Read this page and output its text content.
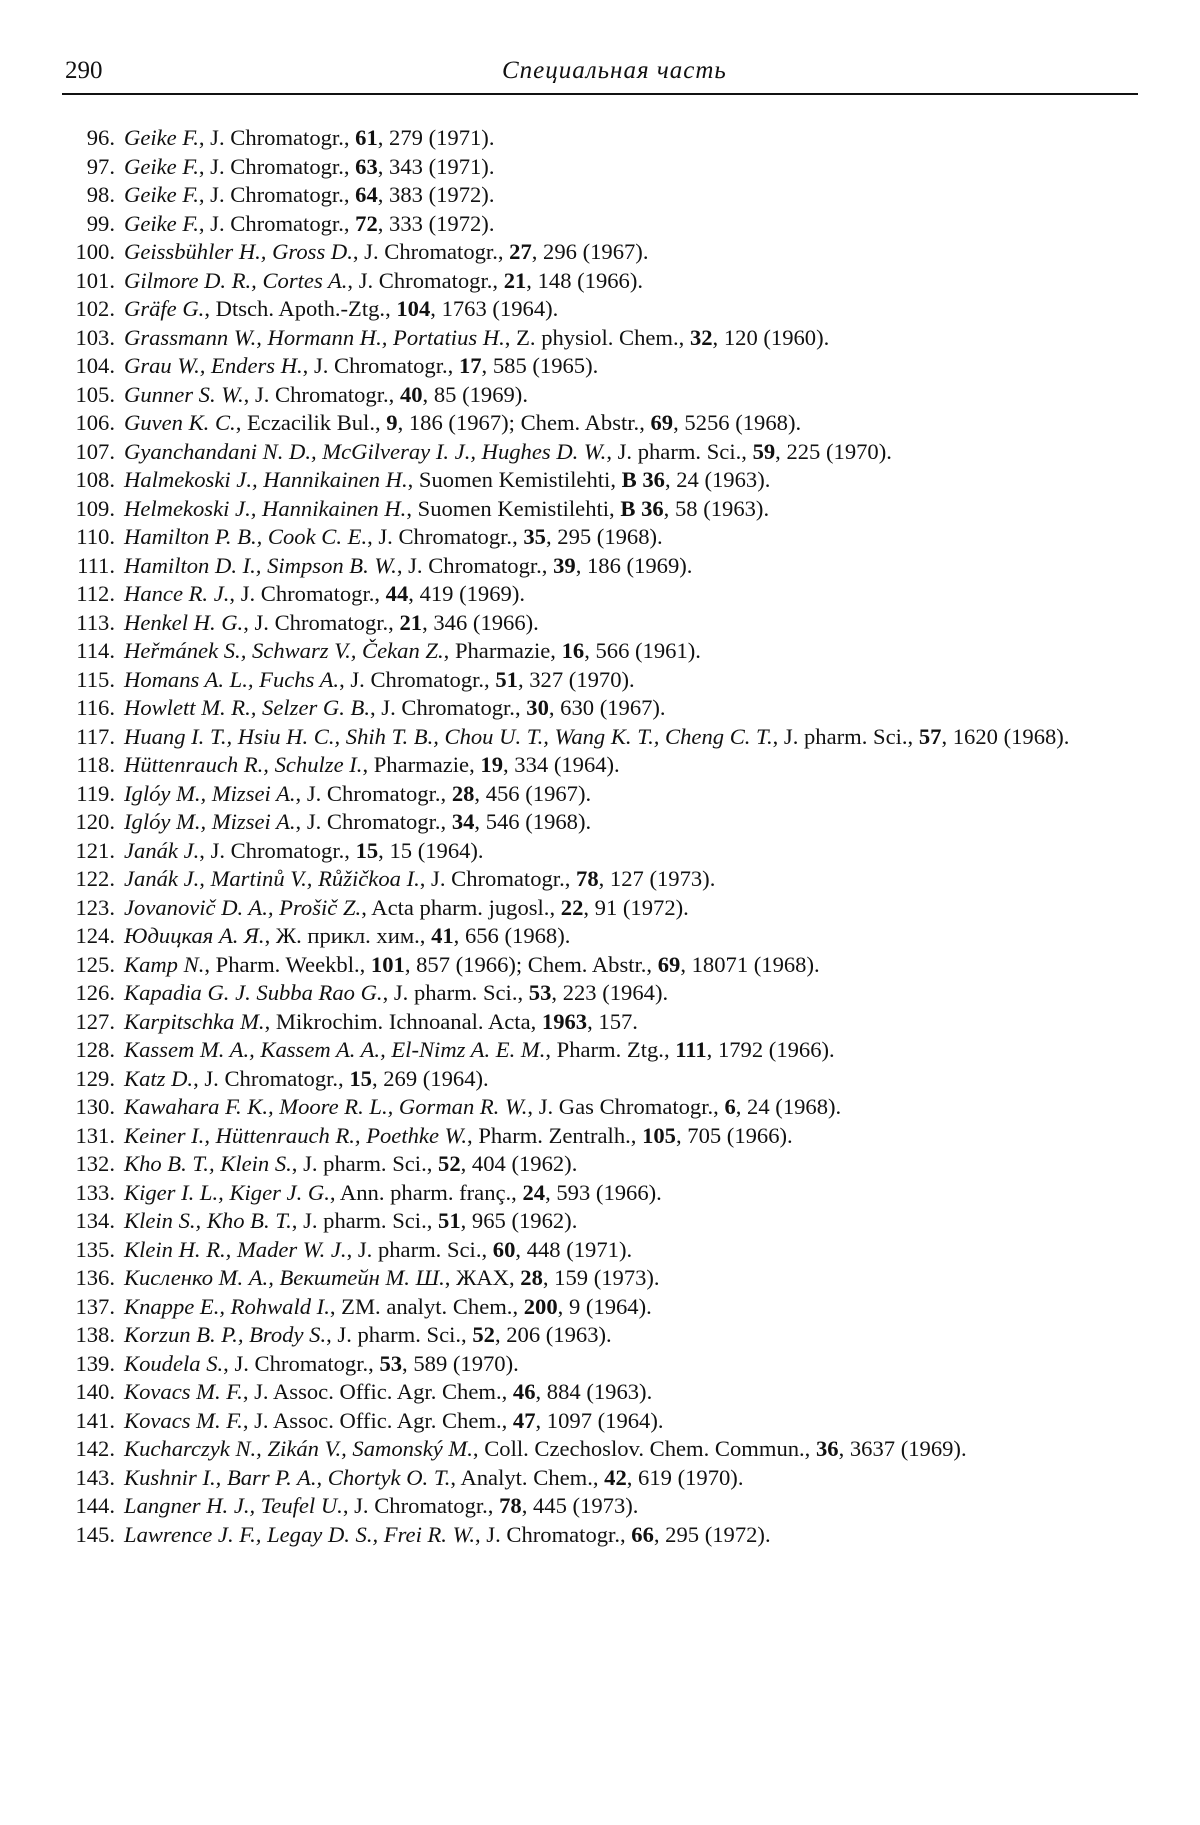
290	Специальная часть
96. Geike F., J. Chromatogr., 61, 279 (1971).
97. Geike F., J. Chromatogr., 63, 343 (1971).
98. Geike F., J. Chromatogr., 64, 383 (1972).
99. Geike F., J. Chromatogr., 72, 333 (1972).
100. Geissbühler H., Gross D., J. Chromatogr., 27, 296 (1967).
101. Gilmore D. R., Cortes A., J. Chromatogr., 21, 148 (1966).
102. Gräfe G., Dtsch. Apoth.-Ztg., 104, 1763 (1964).
103. Grassmann W., Hormann H., Portatius H., Z. physiol. Chem., 32, 120 (1960).
104. Grau W., Enders H., J. Chromatogr., 17, 585 (1965).
105. Gunner S. W., J. Chromatogr., 40, 85 (1969).
106. Guven K. C., Eczacilik Bul., 9, 186 (1967); Chem. Abstr., 69, 5256 (1968).
107. Gyanchandani N. D., McGilveray I. J., Hughes D. W., J. pharm. Sci., 59, 225 (1970).
108. Halmekoski J., Hannikainen H., Suomen Kemistilehti, B 36, 24 (1963).
109. Helmekoski J., Hannikainen H., Suomen Kemistilehti, B 36, 58 (1963).
110. Hamilton P. B., Cook C. E., J. Chromatogr., 35, 295 (1968).
111. Hamilton D. I., Simpson B. W., J. Chromatogr., 39, 186 (1969).
112. Hance R. J., J. Chromatogr., 44, 419 (1969).
113. Henkel H. G., J. Chromatogr., 21, 346 (1966).
114. Heřmánek S., Schwarz V., Čekan Z., Pharmazie, 16, 566 (1961).
115. Homans A. L., Fuchs A., J. Chromatogr., 51, 327 (1970).
116. Howlett M. R., Selzer G. B., J. Chromatogr., 30, 630 (1967).
117. Huang I. T., Hsiu H. C., Shih T. B., Chou U. T., Wang K. T., Cheng C. T., J. pharm. Sci., 57, 1620 (1968).
118. Hüttenrauch R., Schulze I., Pharmazie, 19, 334 (1964).
119. Iglóy M., Mizsei A., J. Chromatogr., 28, 456 (1967).
120. Iglóy M., Mizsei A., J. Chromatogr., 34, 546 (1968).
121. Janák J., J. Chromatogr., 15, 15 (1964).
122. Janák J., Martinů V., Růžičkoa I., J. Chromatogr., 78, 127 (1973).
123. Jovanovič D. A., Prošič Z., Acta pharm. jugosl., 22, 91 (1972).
124. Юдицкая А. Я., Ж. прикл. хим., 41, 656 (1968).
125. Kamp N., Pharm. Weekbl., 101, 857 (1966); Chem. Abstr., 69, 18071 (1968).
126. Kapadia G. J. Subba Rao G., J. pharm. Sci., 53, 223 (1964).
127. Karpitschka M., Mikrochim. Ichnoanal. Acta, 1963, 157.
128. Kassem M. A., Kassem A. A., El-Nimz A. E. M., Pharm. Ztg., 111, 1792 (1966).
129. Katz D., J. Chromatogr., 15, 269 (1964).
130. Kawahara F. K., Moore R. L., Gorman R. W., J. Gas Chromatogr., 6, 24 (1968).
131. Keiner I., Hüttenrauch R., Poethke W., Pharm. Zentralh., 105, 705 (1966).
132. Kho B. T., Klein S., J. pharm. Sci., 52, 404 (1962).
133. Kiger I. L., Kiger J. G., Ann. pharm. franç., 24, 593 (1966).
134. Klein S., Kho B. T., J. pharm. Sci., 51, 965 (1962).
135. Klein H. R., Mader W. J., J. pharm. Sci., 60, 448 (1971).
136. Кисленко М. А., Векштейн М. Ш., ЖАХ, 28, 159 (1973).
137. Knappe E., Rohwald I., ZM. analyt. Chem., 200, 9 (1964).
138. Korzun B. P., Brody S., J. pharm. Sci., 52, 206 (1963).
139. Koudela S., J. Chromatogr., 53, 589 (1970).
140. Kovacs M. F., J. Assoc. Offic. Agr. Chem., 46, 884 (1963).
141. Kovacs M. F., J. Assoc. Offic. Agr. Chem., 47, 1097 (1964).
142. Kucharczyk N., Zikán V., Samonský M., Coll. Czechoslov. Chem. Commun., 36, 3637 (1969).
143. Kushnir I., Barr P. A., Chortyk O. T., Analyt. Chem., 42, 619 (1970).
144. Langner H. J., Teufel U., J. Chromatogr., 78, 445 (1973).
145. Lawrence J. F., Legay D. S., Frei R. W., J. Chromatogr., 66, 295 (1972).
